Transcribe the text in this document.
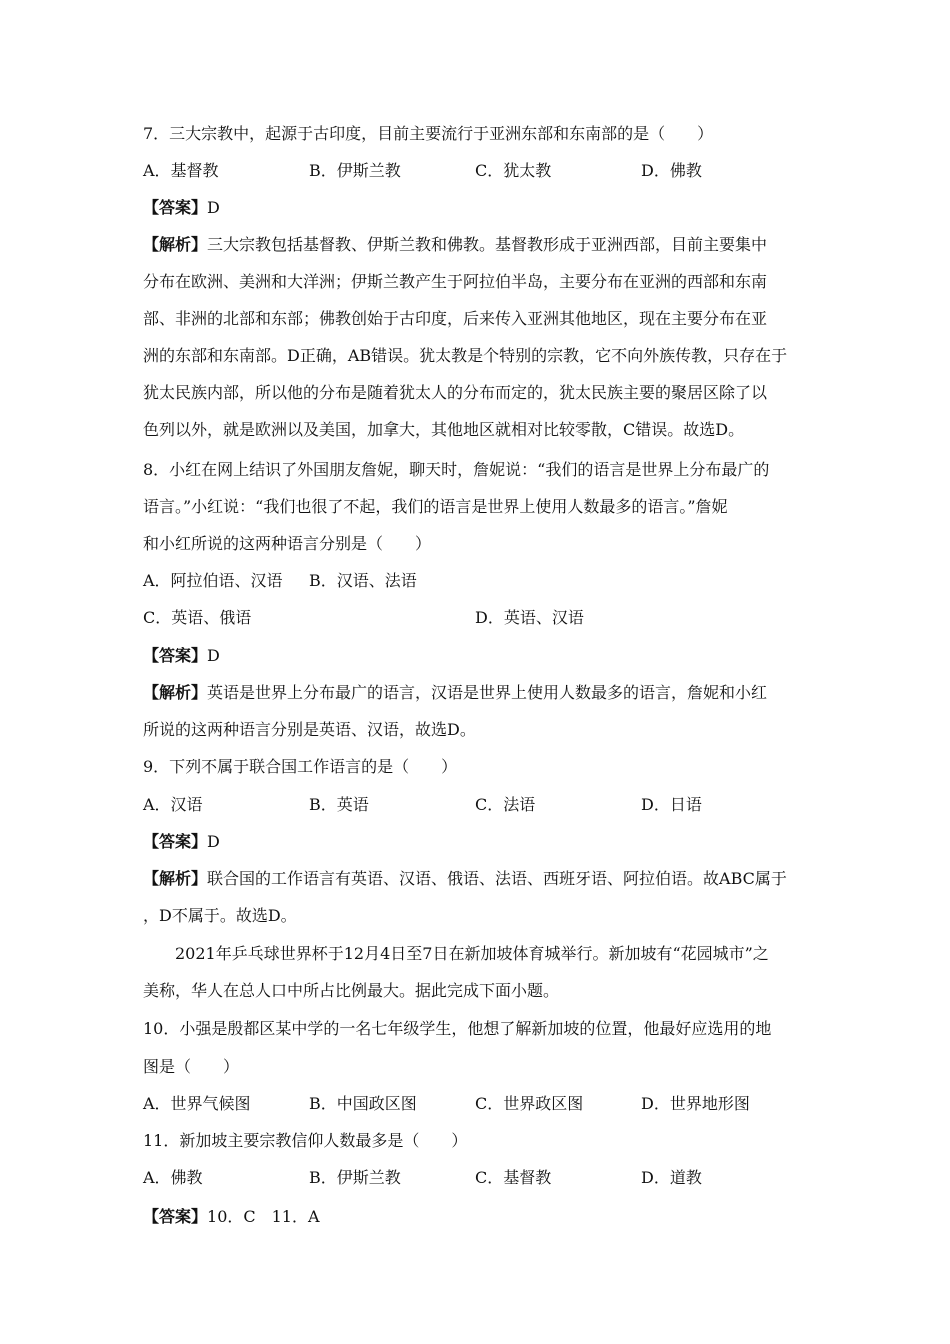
7．三大宗教中，起源于古印度，目前主要流行于亚洲东部和东南部的是（　　）
A．基督教	B．伊斯兰教	C．犹太教	D．佛教
【答案】D
【解析】三大宗教包括基督教、伊斯兰教和佛教。基督教形成于亚洲西部，目前主要集中
分布在欧洲、美洲和大洋洲；伊斯兰教产生于阿拉伯半岛，主要分布在亚洲的西部和东南
部、非洲的北部和东部；佛教创始于古印度，后来传入亚洲其他地区，现在主要分布在亚
洲的东部和东南部。D正确，AB错误。犹太教是个特别的宗教，它不向外族传教，只存在于
犹太民族内部，所以他的分布是随着犹太人的分布而定的，犹太民族主要的聚居区除了以
色列以外，就是欧洲以及美国，加拿大，其他地区就相对比较零散，C错误。故选D。
8．小红在网上结识了外国朋友詹妮，聊天时，詹妮说：“我们的语言是世界上分布最广的
语言。”小红说：“我们也很了不起，我们的语言是世界上使用人数最多的语言。”詹妮
和小红所说的这两种语言分别是（　　）
A．阿拉伯语、汉语 B．汉语、法语
C．英语、俄语	D．英语、汉语
【答案】D
【解析】英语是世界上分布最广的语言，汉语是世界上使用人数最多的语言，詹妮和小红
所说的这两种语言分别是英语、汉语，故选D。
9．下列不属于联合国工作语言的是（　　）
A．汉语	B．英语	C．法语	D．日语
【答案】D
【解析】联合国的工作语言有英语、汉语、俄语、法语、西班牙语、阿拉伯语。故ABC属于
，D不属于。故选D。
2021年乒乓球世界杯于12月4日至7日在新加坡体育城举行。新加坡有“花园城市”之
美称，华人在总人口中所占比例最大。据此完成下面小题。
10．小强是殷都区某中学的一名七年级学生，他想了解新加坡的位置，他最好应选用的地
图是（　　）
A．世界气候图	B．中国政区图	C．世界政区图	D．世界地形图
11．新加坡主要宗教信仰人数最多是（　　）
A．佛教	B．伊斯兰教	C．基督教	D．道教
【答案】10．C　11．A
